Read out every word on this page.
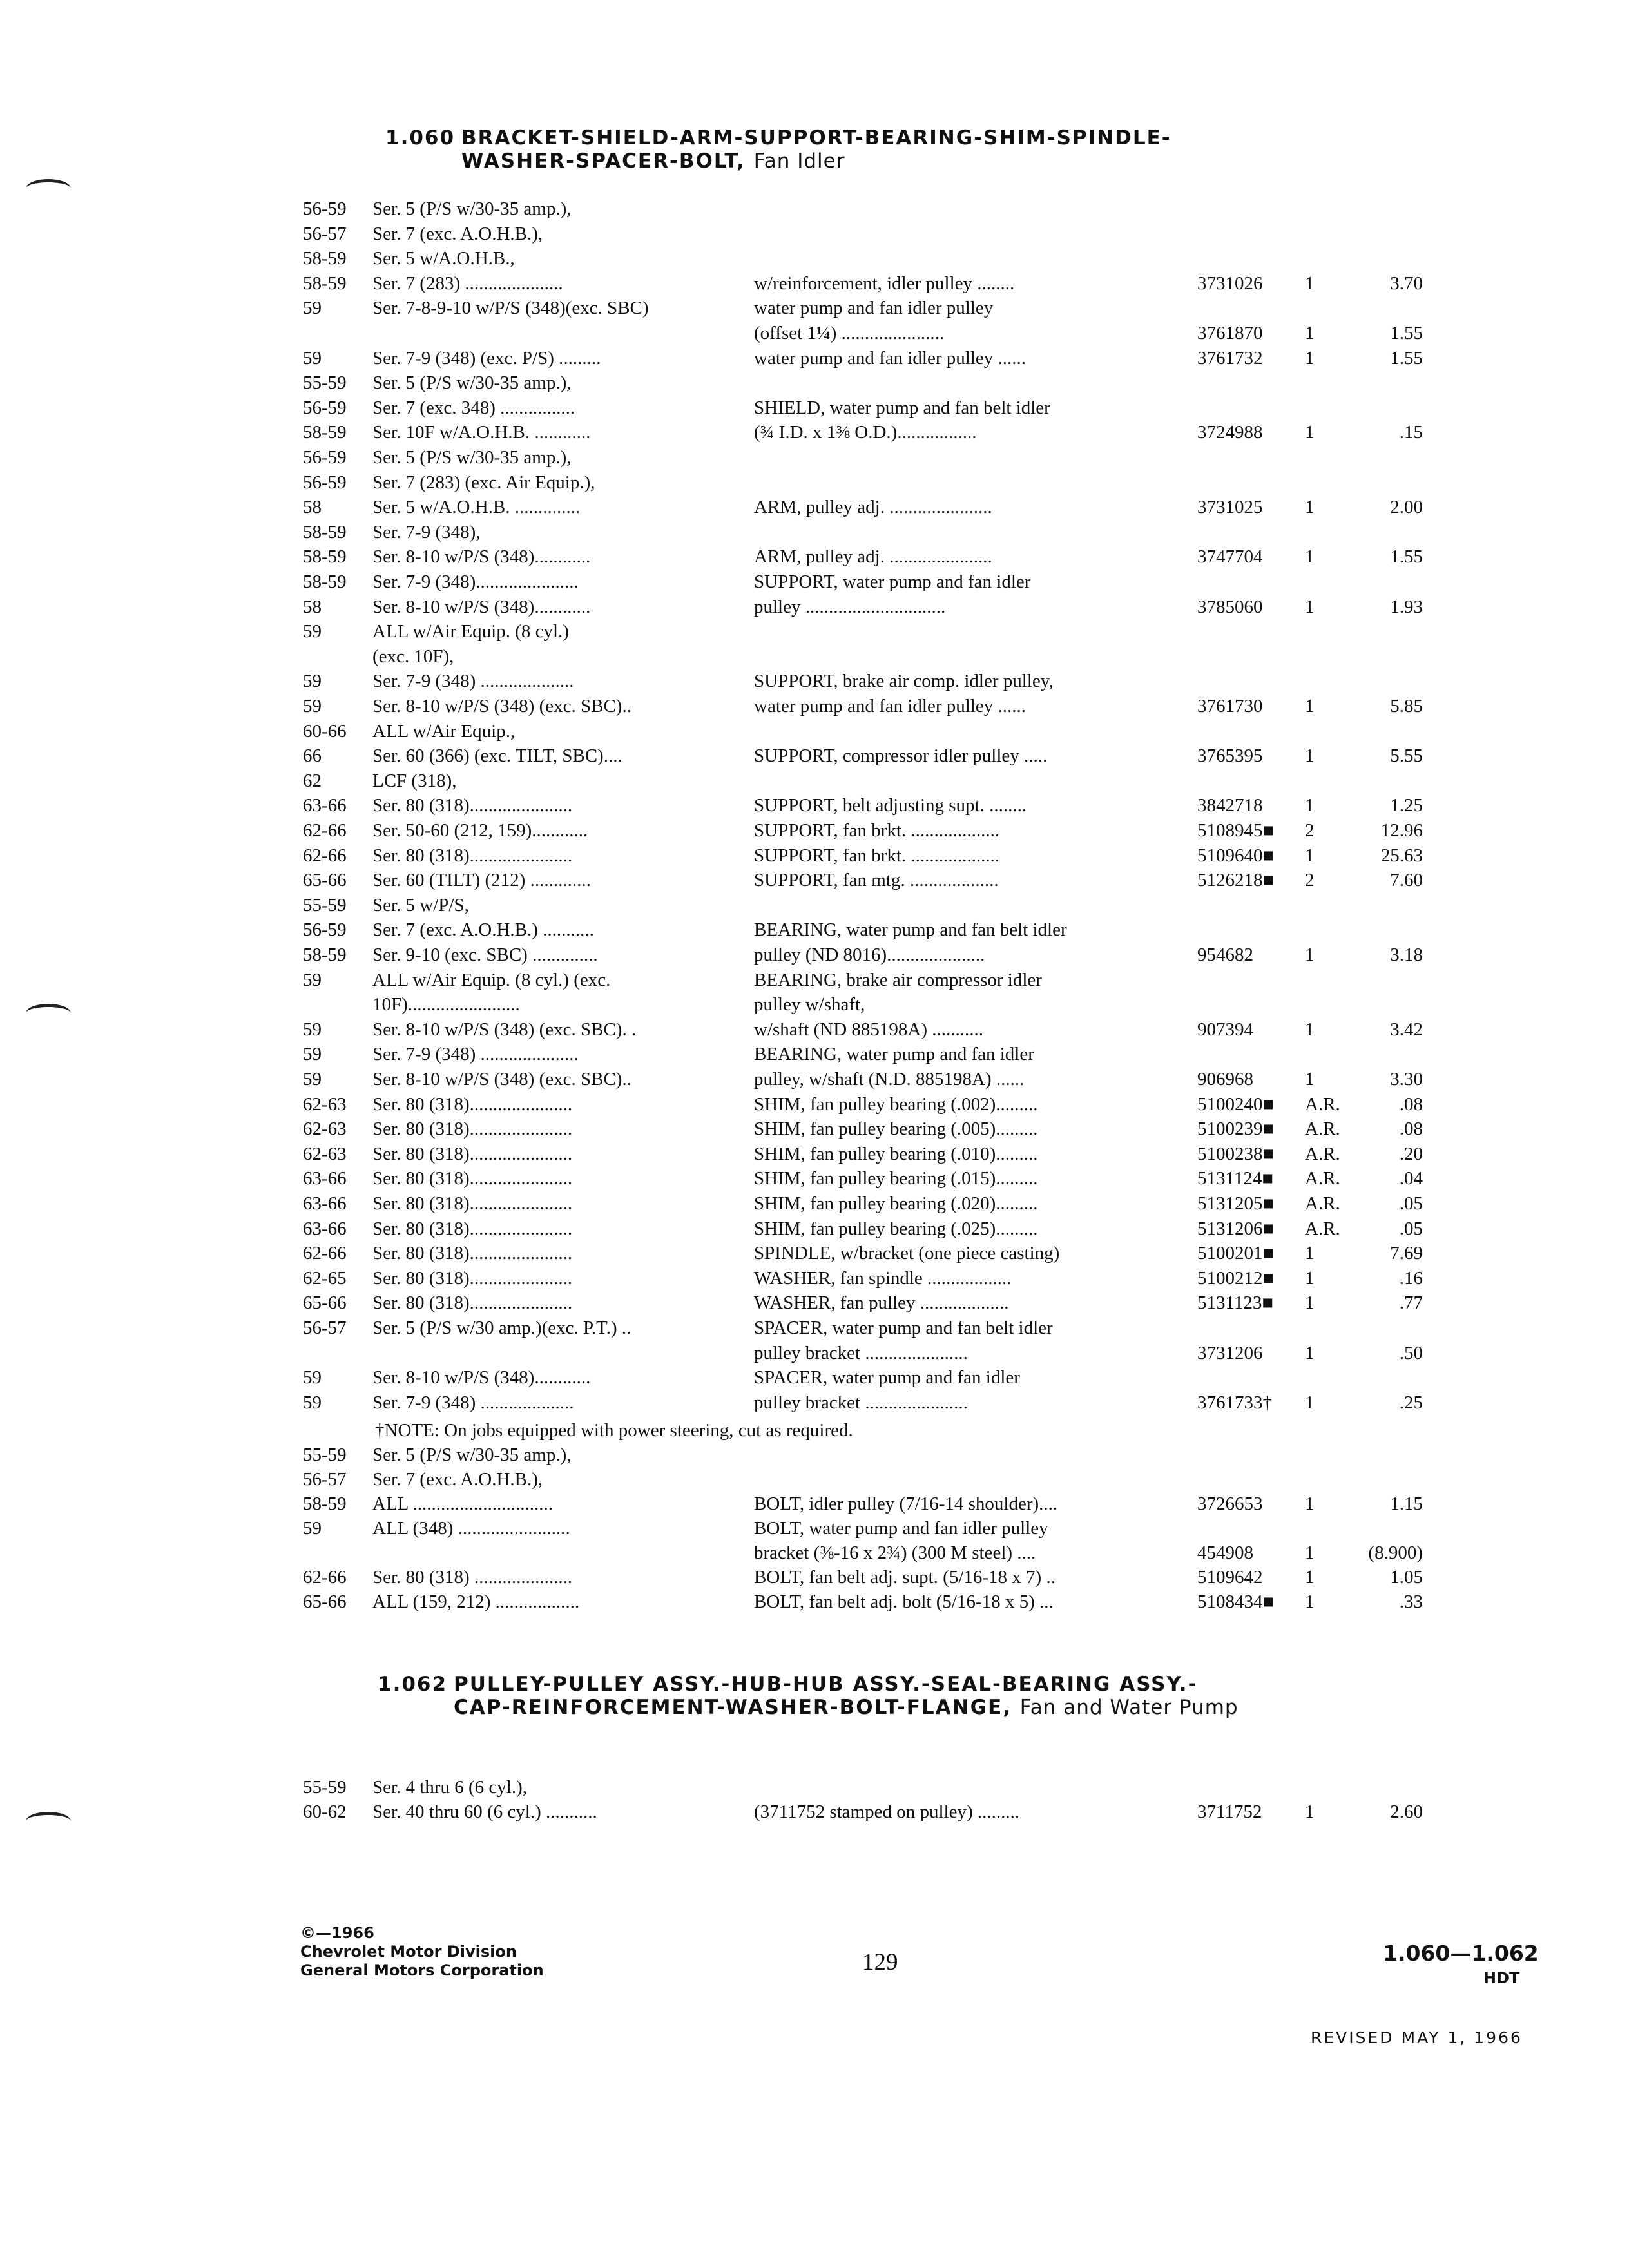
1.060 BRACKET-SHIELD-ARM-SUPPORT-BEARING-SHIM-SPINDLE-
WASHER-SPACER-BOLT, Fan Idler
56-59 Ser. 5 (P/S w/30-35 amp.),
56-57 Ser. 7 (exc. A.O.H.B.),
58-59 Ser. 5 w/A.O.H.B.,
58-59 Ser. 7 (283) .....................	w/reinforcement, idler pulley ........	3731026 1	3.70
59	Ser. 7-8-9-10 w/P/S (348)(exc. SBC)	water pump and fan idler pulley
(offset 1¼) ......................	3761870 1	1.55
59	Ser. 7-9 (348) (exc. P/S) .........	water pump and fan idler pulley ......	3761732 1	1.55
55-59 Ser. 5 (P/S w/30-35 amp.),
56-59 Ser. 7 (exc. 348) ................	SHIELD, water pump and fan belt idler
58-59 Ser. 10F w/A.O.H.B. ............	(¾ I.D. x 1⅜ O.D.).................	3724988 1	.15
56-59 Ser. 5 (P/S w/30-35 amp.),
56-59 Ser. 7 (283) (exc. Air Equip.),
58	Ser. 5 w/A.O.H.B. ..............	ARM, pulley adj. ......................	3731025 1	2.00
58-59 Ser. 7-9 (348),
58-59 Ser. 8-10 w/P/S (348)............	ARM, pulley adj. ......................	3747704 1	1.55
58-59 Ser. 7-9 (348)......................	SUPPORT, water pump and fan idler
58	Ser. 8-10 w/P/S (348)............	pulley ..............................	3785060 1	1.93
59	ALL w/Air Equip. (8 cyl.)
(exc. 10F),
59	Ser. 7-9 (348) ....................	SUPPORT, brake air comp. idler pulley,
59	Ser. 8-10 w/P/S (348) (exc. SBC)..	water pump and fan idler pulley ......	3761730 1	5.85
60-66 ALL w/Air Equip.,
66	Ser. 60 (366) (exc. TILT, SBC)....	SUPPORT, compressor idler pulley .....	3765395 1	5.55
62	LCF (318),
63-66 Ser. 80 (318)......................	SUPPORT, belt adjusting supt. ........	3842718 1	1.25
62-66 Ser. 50-60 (212, 159)............	SUPPORT, fan brkt. ...................	5108945■ 2	12.96
62-66 Ser. 80 (318)......................	SUPPORT, fan brkt. ...................	5109640■ 1	25.63
65-66 Ser. 60 (TILT) (212) .............	SUPPORT, fan mtg. ...................	5126218■ 2	7.60
55-59 Ser. 5 w/P/S,
56-59 Ser. 7 (exc. A.O.H.B.) ...........	BEARING, water pump and fan belt idler
58-59 Ser. 9-10 (exc. SBC) ..............	pulley (ND 8016).....................	954682	1	3.18
59	ALL w/Air Equip. (8 cyl.) (exc.	BEARING, brake air compressor idler
10F)........................	pulley w/shaft,
59	Ser. 8-10 w/P/S (348) (exc. SBC). .	w/shaft (ND 885198A) ...........	907394	1	3.42
59	Ser. 7-9 (348) .....................	BEARING, water pump and fan idler
59	Ser. 8-10 w/P/S (348) (exc. SBC)..	pulley, w/shaft (N.D. 885198A) ......	906968	1	3.30
62-63 Ser. 80 (318)......................	SHIM, fan pulley bearing (.002).........	5100240■ A.R.	.08
62-63 Ser. 80 (318)......................	SHIM, fan pulley bearing (.005).........	5100239■ A.R.	.08
62-63 Ser. 80 (318)......................	SHIM, fan pulley bearing (.010).........	5100238■ A.R.	.20
63-66 Ser. 80 (318)......................	SHIM, fan pulley bearing (.015).........	5131124■ A.R.	.04
63-66 Ser. 80 (318)......................	SHIM, fan pulley bearing (.020).........	5131205■ A.R.	.05
63-66 Ser. 80 (318)......................	SHIM, fan pulley bearing (.025).........	5131206■ A.R.	.05
62-66 Ser. 80 (318)......................	SPINDLE, w/bracket (one piece casting)	5100201■ 1	7.69
62-65 Ser. 80 (318)......................	WASHER, fan spindle ..................	5100212■ 1	.16
65-66 Ser. 80 (318)......................	WASHER, fan pulley ...................	5131123■ 1	.77
56-57 Ser. 5 (P/S w/30 amp.)(exc. P.T.) ..	SPACER, water pump and fan belt idler
pulley bracket ......................	3731206 1	.50
59	Ser. 8-10 w/P/S (348)............	SPACER, water pump and fan idler
59	Ser. 7-9 (348) ....................	pulley bracket ......................	3761733† 1	.25
†NOTE: On jobs equipped with power steering, cut as required.
55-59 Ser. 5 (P/S w/30-35 amp.),
56-57 Ser. 7 (exc. A.O.H.B.),
58-59 ALL ..............................	BOLT, idler pulley (7/16-14 shoulder)....	3726653 1	1.15
59	ALL (348) ........................	BOLT, water pump and fan idler pulley
bracket (⅜-16 x 2¾) (300 M steel) ....	454908	1	(8.900)
62-66 Ser. 80 (318) .....................	BOLT, fan belt adj. supt. (5/16-18 x 7) ..	5109642 1	1.05
65-66 ALL (159, 212) ..................	BOLT, fan belt adj. bolt (5/16-18 x 5) ...	5108434■ 1	.33
1.062 PULLEY-PULLEY ASSY.-HUB-HUB ASSY.-SEAL-BEARING ASSY.-
CAP-REINFORCEMENT-WASHER-BOLT-FLANGE, Fan and Water Pump
55-59 Ser. 4 thru 6 (6 cyl.),
60-62 Ser. 40 thru 60 (6 cyl.) ...........	(3711752 stamped on pulley) .........	3711752 1	2.60
©—1966
Chevrolet Motor Division
General Motors Corporation	129	1.060—1.062
HDT
REVISED MAY 1, 1966
